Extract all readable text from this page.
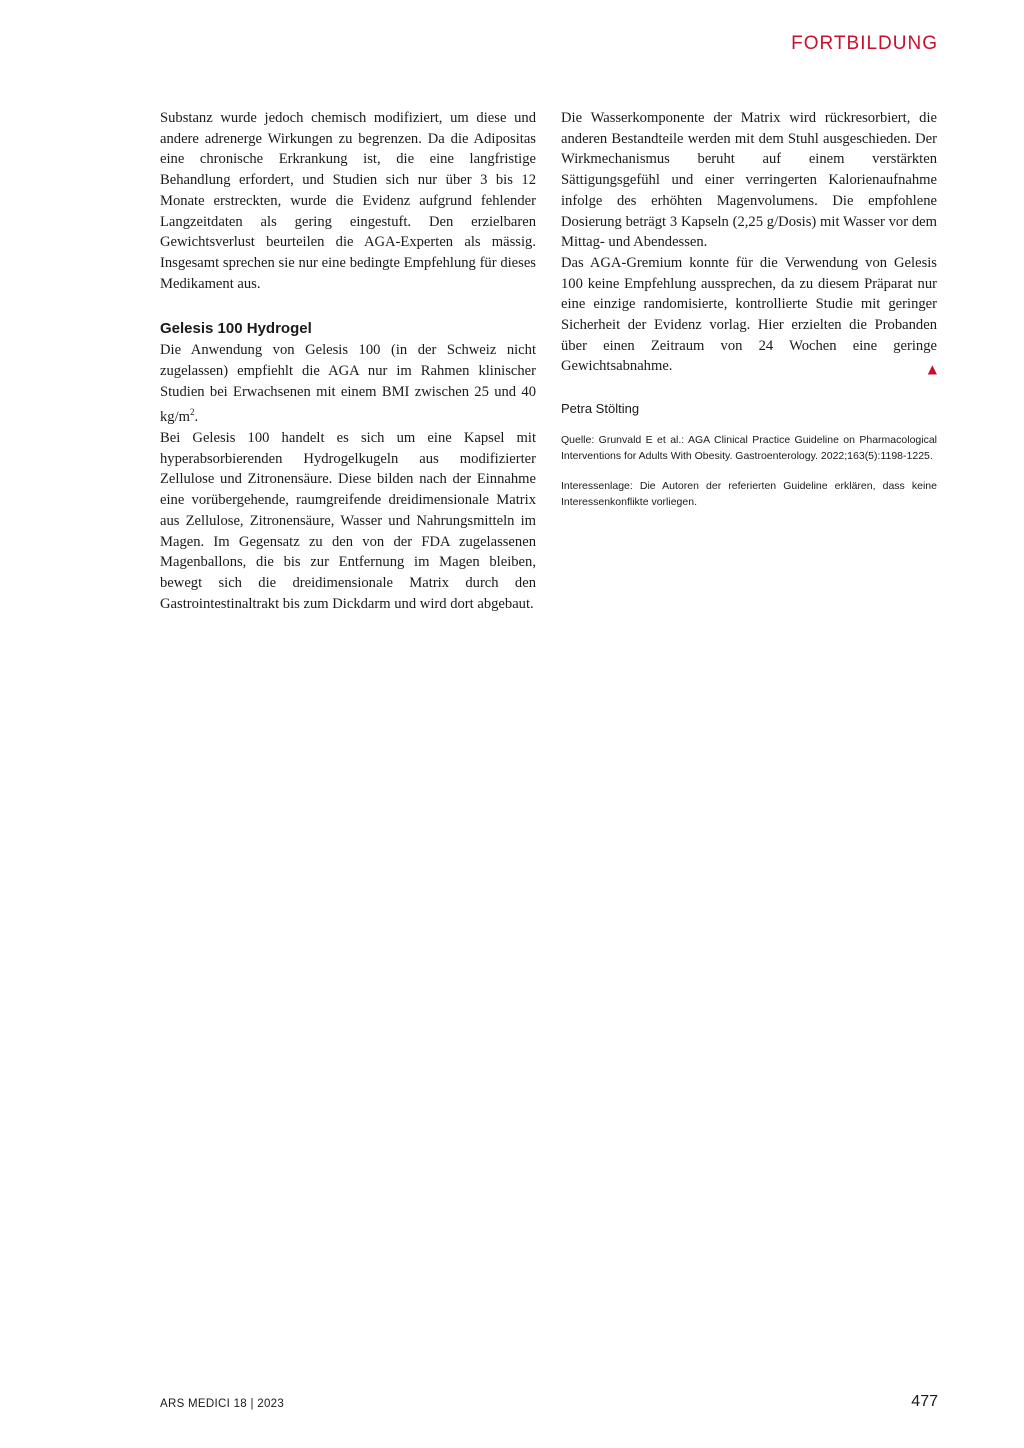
FORTBILDUNG

Substanz wurde jedoch chemisch modifiziert, um diese und andere adrenerge Wirkungen zu begrenzen. Da die Adipositas eine chronische Erkrankung ist, die eine langfristige Behandlung erfordert, und Studien sich nur über 3 bis 12 Monate erstreckten, wurde die Evidenz aufgrund fehlender Langzeitdaten als gering eingestuft. Den erzielbaren Gewichtsverlust beurteilen die AGA-Experten als mässig. Insgesamt sprechen sie nur eine bedingte Empfehlung für dieses Medikament aus.

Gelesis 100 Hydrogel

Die Anwendung von Gelesis 100 (in der Schweiz nicht zugelassen) empfiehlt die AGA nur im Rahmen klinischer Studien bei Erwachsenen mit einem BMI zwischen 25 und 40 $kg/m^2$.

Bei Gelesis 100 handelt es sich um eine Kapsel mit hyperabsorbierenden Hydrogelkugeln aus modifizierter Zellulose und Zitronensäure. Diese bilden nach der Einnahme eine vorübergehende, raumgreifende dreidimensionale Matrix aus Zellulose, Zitronensäure, Wasser und Nahrungsmitteln im Magen. Im Gegensatz zu den von der FDA zugelassenen Magenballons, die bis zur Entfernung im Magen bleiben, bewegt sich die dreidimensionale Matrix durch den Gastrointestinaltrakt bis zum Dickdarm und wird dort abgebaut.

Die Wasserkomponente der Matrix wird rückresorbiert, die anderen Bestandteile werden mit dem Stuhl ausgeschieden. Der Wirkmechanismus beruht auf einem verstärkten Sättigungsgefühl und einer verringerten Kalorienaufnahme infolge des erhöhten Magenvolumens. Die empfohlene Dosierung beträgt 3 Kapseln (2,25 g/Dosis) mit Wasser vor dem Mittag- und Abendessen.

Das AGA-Gremium konnte für die Verwendung von Gelesis 100 keine Empfehlung aussprechen, da zu diesem Präparat nur eine einzige randomisierte, kontrollierte Studie mit geringer Sicherheit der Evidenz vorlag. Hier erzielten die Probanden über einen Zeitraum von 24 Wochen eine geringe Gewichtsabnahme.	▲

Petra Stölting
Quelle: Grunvald E et al.: AGA Clinical Practice Guideline on Pharmacological Interventions for Adults With Obesity. Gastroenterology. 2022;163(5):1198-1225.
Interessenlage: Die Autoren der referierten Guideline erklären, dass keine Interessenkonflikte vorliegen.
ARS MEDICI 18 | 2023	477
